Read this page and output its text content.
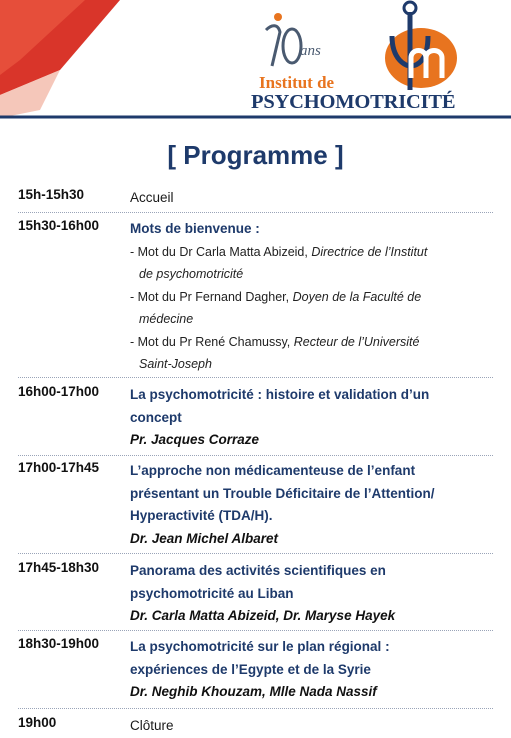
ans
Institut de
PSYCHOMOTRICITÉ
[ Programme ]
15h-15h30	Accueil
15h30-16h00 Mots de bienvenue :
- Mot du Dr Carla Matta Abizeid, Directrice de l’Institut
de psychomotricité
- Mot du Pr Fernand Dagher, Doyen de la Faculté de
médecine
- Mot du Pr René Chamussy, Recteur de l’Université
Saint-Joseph
16h00-17h00 La psychomotricité : histoire et validation d’un
concept
Pr. Jacques Corraze
17h00-17h45 L’approche non médicamenteuse de l’enfant
présentant un Trouble Déficitaire de l’Attention/
Hyperactivité (TDA/H).
Dr. Jean Michel Albaret
17h45-18h30 Panorama des activités scientifiques en
psychomotricité au Liban
Dr. Carla Matta Abizeid, Dr. Maryse Hayek
18h30-19h00 La psychomotricité sur le plan régional :
expériences de l’Egypte et de la Syrie
Dr. Neghib Khouzam, Mlle Nada Nassif
19h00	Clôture
